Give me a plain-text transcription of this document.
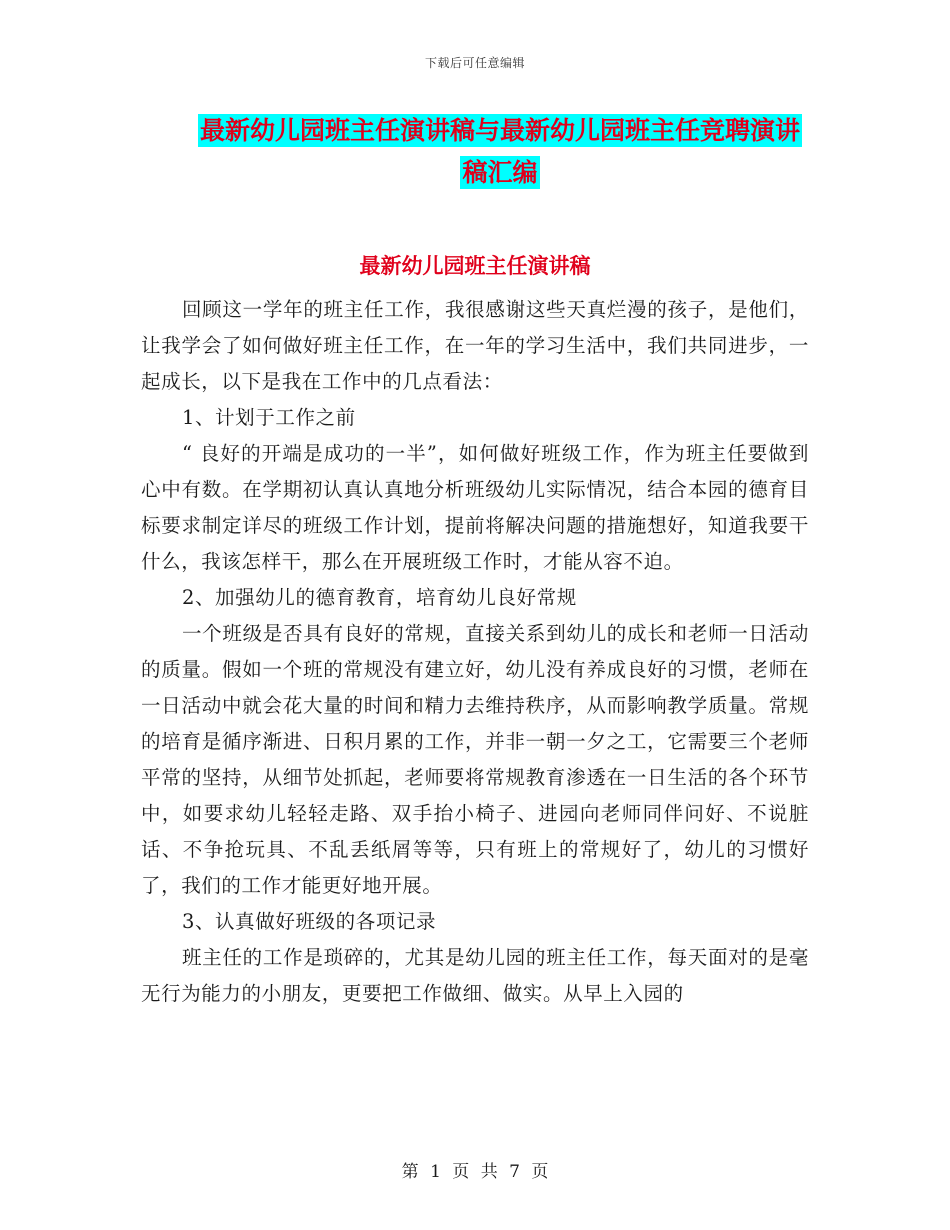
下载后可任意编辑
最新幼儿园班主任演讲稿与最新幼儿园班主任竞聘演讲稿汇编
最新幼儿园班主任演讲稿

回顾这一学年的班主任工作，我很感谢这些天真烂漫的孩子，是他们，让我学会了如何做好班主任工作，在一年的学习生活中，我们共同进步，一起成长，以下是我在工作中的几点看法：

1、计划于工作之前

“ 良好的开端是成功的一半”，如何做好班级工作，作为班主任要做到心中有数。在学期初认真认真地分析班级幼儿实际情况，结合本园的德育目标要求制定详尽的班级工作计划，提前将解决问题的措施想好，知道我要干什么，我该怎样干，那么在开展班级工作时，才能从容不迫。

2、加强幼儿的德育教育，培育幼儿良好常规

一个班级是否具有良好的常规，直接关系到幼儿的成长和老师一日活动的质量。假如一个班的常规没有建立好，幼儿没有养成良好的习惯，老师在一日活动中就会花大量的时间和精力去维持秩序，从而影响教学质量。常规的培育是循序渐进、日积月累的工作，并非一朝一夕之工，它需要三个老师平常的坚持，从细节处抓起，老师要将常规教育渗透在一日生活的各个环节中，如要求幼儿轻轻走路、双手抬小椅子、进园向老师同伴问好、不说脏话、不争抢玩具、不乱丢纸屑等等，只有班上的常规好了，幼儿的习惯好了，我们的工作才能更好地开展。

3、认真做好班级的各项记录

班主任的工作是琐碎的，尤其是幼儿园的班主任工作，每天面对的是毫无行为能力的小朋友，更要把工作做细、做实。从早上入园的

第 1 页 共 7 页
